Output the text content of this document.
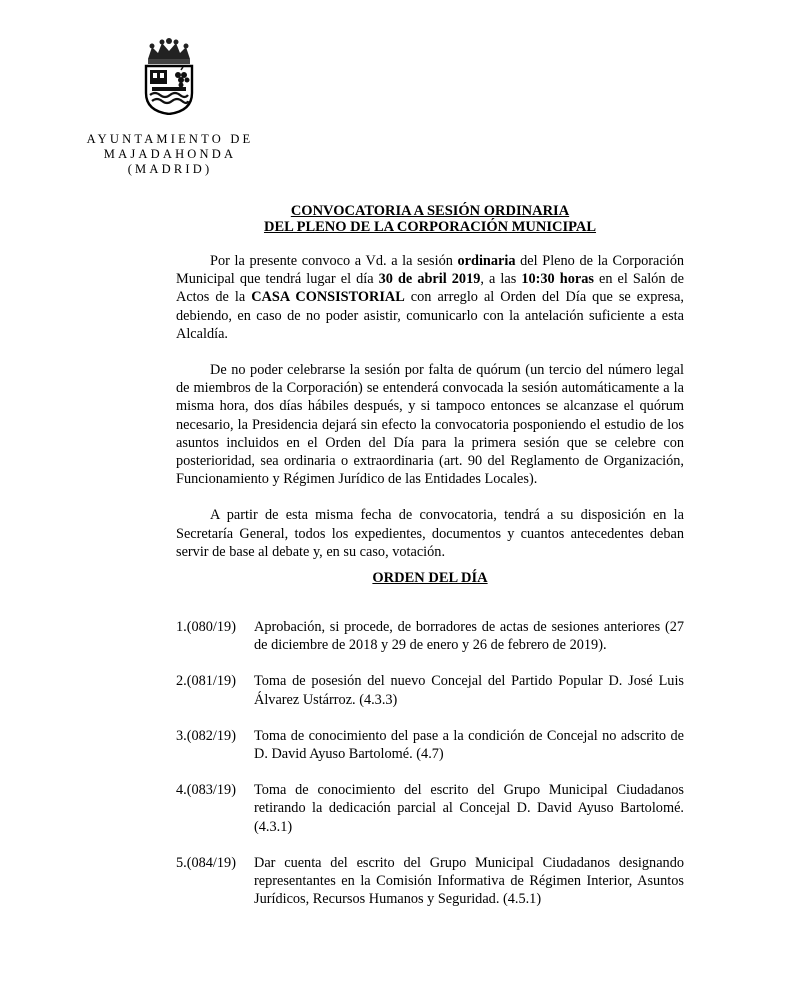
AYUNTAMIENTO DE
MAJADAHONDA
(MADRID)
CONVOCATORIA A SESIÓN ORDINARIA
DEL PLENO DE LA CORPORACIÓN MUNICIPAL

Por la presente convoco a Vd. a la sesión ordinaria del Pleno de la Corporación Municipal que tendrá lugar el día 30 de abril 2019, a las 10:30 horas en el Salón de Actos de la CASA CONSISTORIAL con arreglo al Orden del Día que se expresa, debiendo, en caso de no poder asistir, comunicarlo con la antelación suficiente a esta Alcaldía.

De no poder celebrarse la sesión por falta de quórum (un tercio del número legal de miembros de la Corporación) se entenderá convocada la sesión automáticamente a la misma hora, dos días hábiles después, y si tampoco entonces se alcanzase el quórum necesario, la Presidencia dejará sin efecto la convocatoria posponiendo el estudio de los asuntos incluidos en el Orden del Día para la primera sesión que se celebre con posterioridad, sea ordinaria o extraordinaria (art. 90 del Reglamento de Organización, Funcionamiento y Régimen Jurídico de las Entidades Locales).

A partir de esta misma fecha de convocatoria, tendrá a su disposición en la Secretaría General, todos los expedientes, documentos y cuantos antecedentes deban servir de base al debate y, en su caso, votación.

ORDEN DEL DÍA
1.(080/19)	Aprobación, si procede, de borradores de actas de sesiones anteriores (27 de diciembre de 2018 y 29 de enero y 26 de febrero de 2019).
2.(081/19)	Toma de posesión del nuevo Concejal del Partido Popular D. José Luis Álvarez Ustárroz. (4.3.3)
3.(082/19)	Toma de conocimiento del pase a la condición de Concejal no adscrito de D. David Ayuso Bartolomé. (4.7)
4.(083/19)	Toma de conocimiento del escrito del Grupo Municipal Ciudadanos retirando la dedicación parcial al Concejal D. David Ayuso Bartolomé. (4.3.1)
5.(084/19)	Dar cuenta del escrito del Grupo Municipal Ciudadanos designando representantes en la Comisión Informativa de Régimen Interior, Asuntos Jurídicos, Recursos Humanos y Seguridad. (4.5.1)
